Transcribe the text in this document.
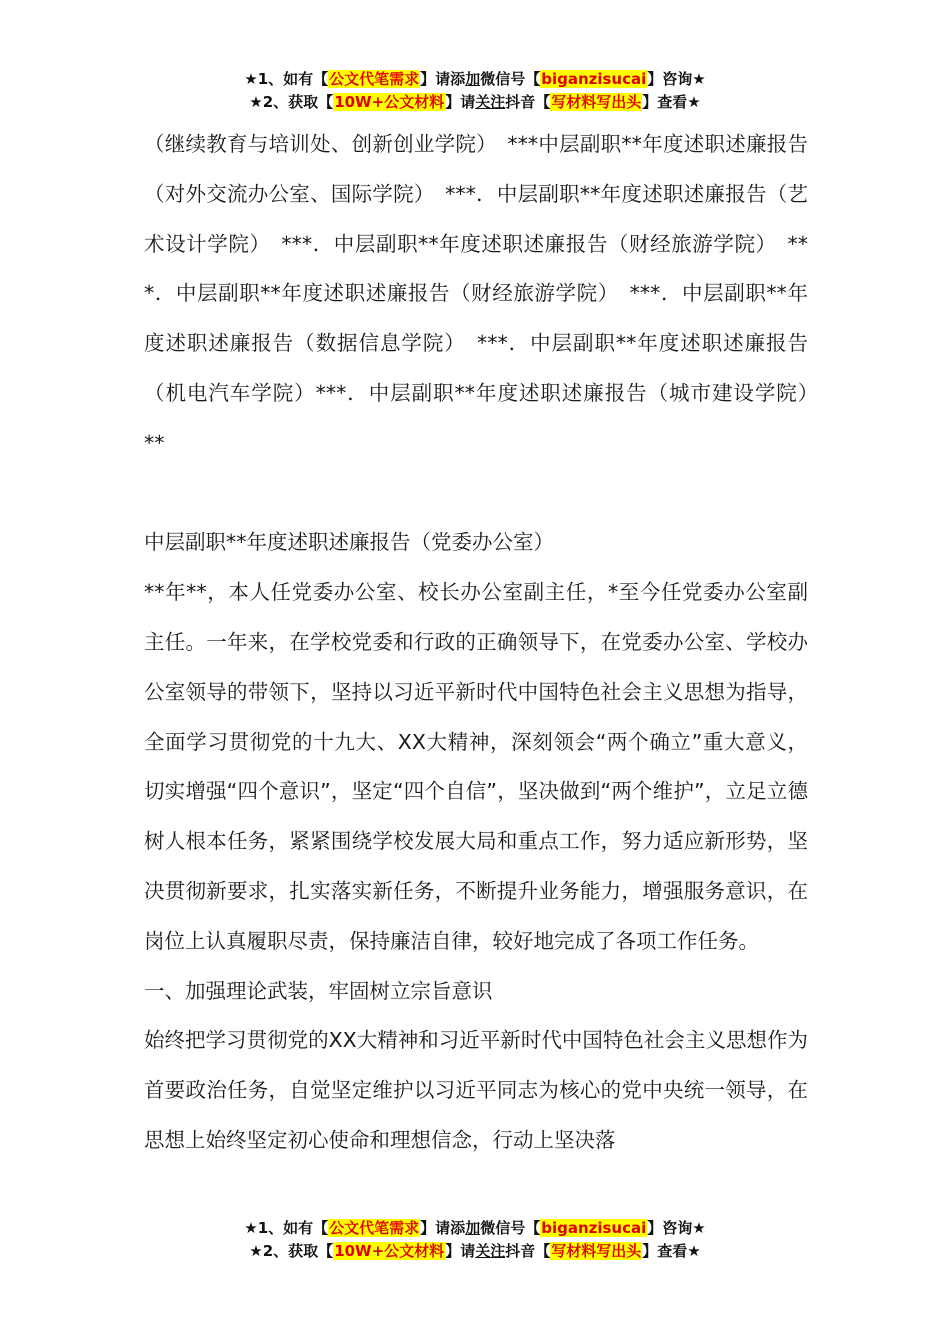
★1、如有【公文代笔需求】请添加微信号【biganzisucai】咨询★
★2、获取【10W+公文材料】请关注抖音【写材料写出头】查看★

（继续教育与培训处、创新创业学院）　***中层副职**年度述职述廉报告（对外交流办公室、国际学院）　***．中层副职**年度述职述廉报告（艺术设计学院）　***．中层副职**年度述职述廉报告（财经旅游学院）　***．中层副职**年度述职述廉报告（财经旅游学院）　***．中层副职**年度述职述廉报告（数据信息学院）　***．中层副职**年度述职述廉报告（机电汽车学院）***．中层副职**年度述职述廉报告（城市建设学院）　**

中层副职**年度述职述廉报告（党委办公室）

**年**，本人任党委办公室、校长办公室副主任，*至今任党委办公室副主任。一年来，在学校党委和行政的正确领导下，在党委办公室、学校办公室领导的带领下，坚持以习近平新时代中国特色社会主义思想为指导，全面学习贯彻党的十九大、XX大精神，深刻领会“两个确立”重大意义，切实增强“四个意识”，坚定“四个自信”，坚决做到“两个维护”，立足立德树人根本任务，紧紧围绕学校发展大局和重点工作，努力适应新形势，坚决贯彻新要求，扎实落实新任务，不断提升业务能力，增强服务意识，在岗位上认真履职尽责，保持廉洁自律，较好地完成了各项工作任务。

一、加强理论武装，牢固树立宗旨意识

始终把学习贯彻党的XX大精神和习近平新时代中国特色社会主义思想作为首要政治任务，自觉坚定维护以习近平同志为核心的党中央统一领导，在思想上始终坚定初心使命和理想信念，行动上坚决落

★1、如有【公文代笔需求】请添加微信号【biganzisucai】咨询★
★2、获取【10W+公文材料】请关注抖音【写材料写出头】查看★
